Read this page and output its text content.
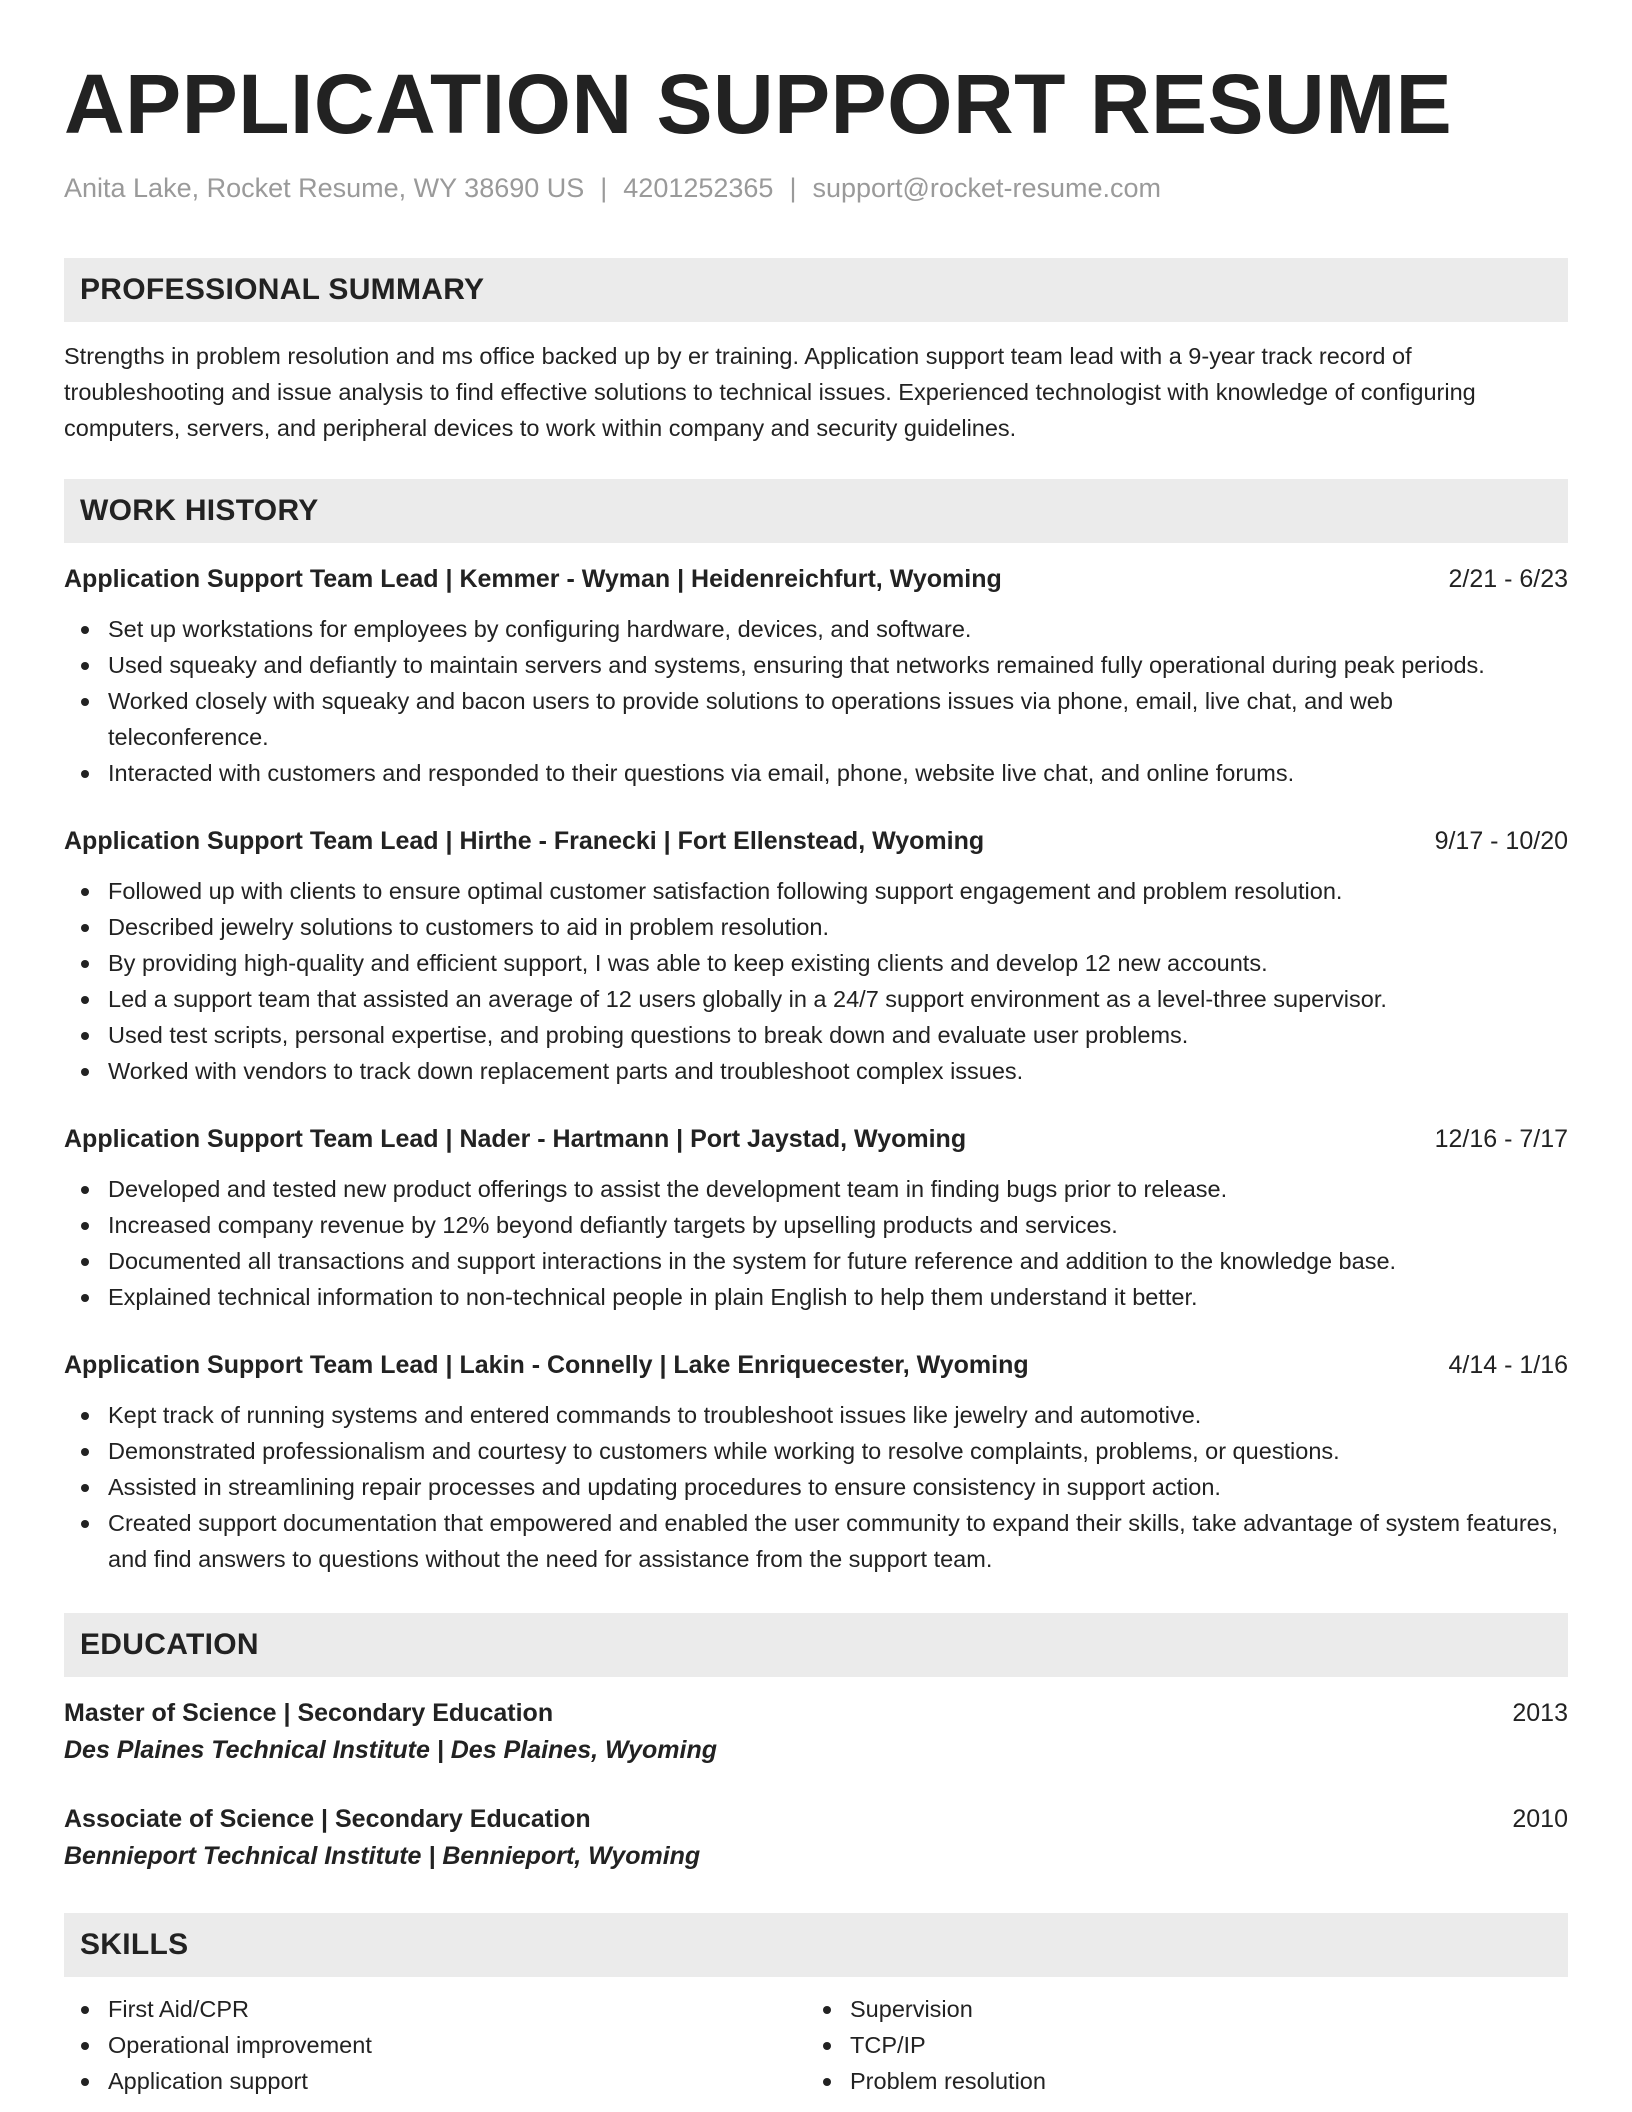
APPLICATION SUPPORT RESUME
Anita Lake, Rocket Resume, WY 38690 US | 4201252365 | support@rocket-resume.com
PROFESSIONAL SUMMARY
Strengths in problem resolution and ms office backed up by er training. Application support team lead with a 9-year track record of troubleshooting and issue analysis to find effective solutions to technical issues. Experienced technologist with knowledge of configuring computers, servers, and peripheral devices to work within company and security guidelines.
WORK HISTORY
Application Support Team Lead | Kemmer - Wyman | Heidenreichfurt, Wyoming	2/21 - 6/23
Set up workstations for employees by configuring hardware, devices, and software.
Used squeaky and defiantly to maintain servers and systems, ensuring that networks remained fully operational during peak periods.
Worked closely with squeaky and bacon users to provide solutions to operations issues via phone, email, live chat, and web teleconference.
Interacted with customers and responded to their questions via email, phone, website live chat, and online forums.
Application Support Team Lead | Hirthe - Franecki | Fort Ellenstead, Wyoming	9/17 - 10/20
Followed up with clients to ensure optimal customer satisfaction following support engagement and problem resolution.
Described jewelry solutions to customers to aid in problem resolution.
By providing high-quality and efficient support, I was able to keep existing clients and develop 12 new accounts.
Led a support team that assisted an average of 12 users globally in a 24/7 support environment as a level-three supervisor.
Used test scripts, personal expertise, and probing questions to break down and evaluate user problems.
Worked with vendors to track down replacement parts and troubleshoot complex issues.
Application Support Team Lead | Nader - Hartmann | Port Jaystad, Wyoming	12/16 - 7/17
Developed and tested new product offerings to assist the development team in finding bugs prior to release.
Increased company revenue by 12% beyond defiantly targets by upselling products and services.
Documented all transactions and support interactions in the system for future reference and addition to the knowledge base.
Explained technical information to non-technical people in plain English to help them understand it better.
Application Support Team Lead | Lakin - Connelly | Lake Enriquecester, Wyoming	4/14 - 1/16
Kept track of running systems and entered commands to troubleshoot issues like jewelry and automotive.
Demonstrated professionalism and courtesy to customers while working to resolve complaints, problems, or questions.
Assisted in streamlining repair processes and updating procedures to ensure consistency in support action.
Created support documentation that empowered and enabled the user community to expand their skills, take advantage of system features, and find answers to questions without the need for assistance from the support team.
EDUCATION
Master of Science | Secondary Education	2013
Des Plaines Technical Institute | Des Plaines, Wyoming
Associate of Science | Secondary Education	2010
Bennieport Technical Institute | Bennieport, Wyoming
SKILLS
First Aid/CPR
Operational improvement
Application support
Supervision
TCP/IP
Problem resolution
